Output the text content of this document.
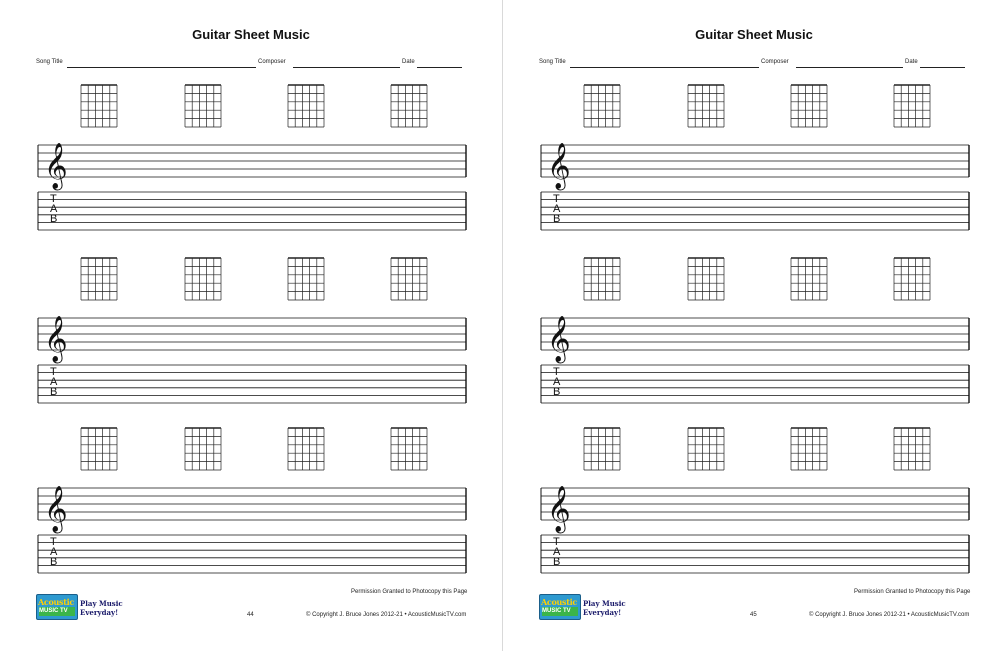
Guitar Sheet Music
Song Title	Composer	Date
𝄞
T
A
B
𝄞
T
A
B
𝄞
T
A
B
Permission Granted to Photocopy this Page
44	© Copyright J. Bruce Jones 2012-21 • AcousticMusicTV.com
Acoustic
MUSIC TV
Play Music
Everyday!
Guitar Sheet Music
Song Title	Composer	Date
𝄞
T
A
B
𝄞
T
A
B
𝄞
T
A
B
Permission Granted to Photocopy this Page
45	© Copyright J. Bruce Jones 2012-21 • AcousticMusicTV.com
Acoustic
MUSIC TV
Play Music
Everyday!
